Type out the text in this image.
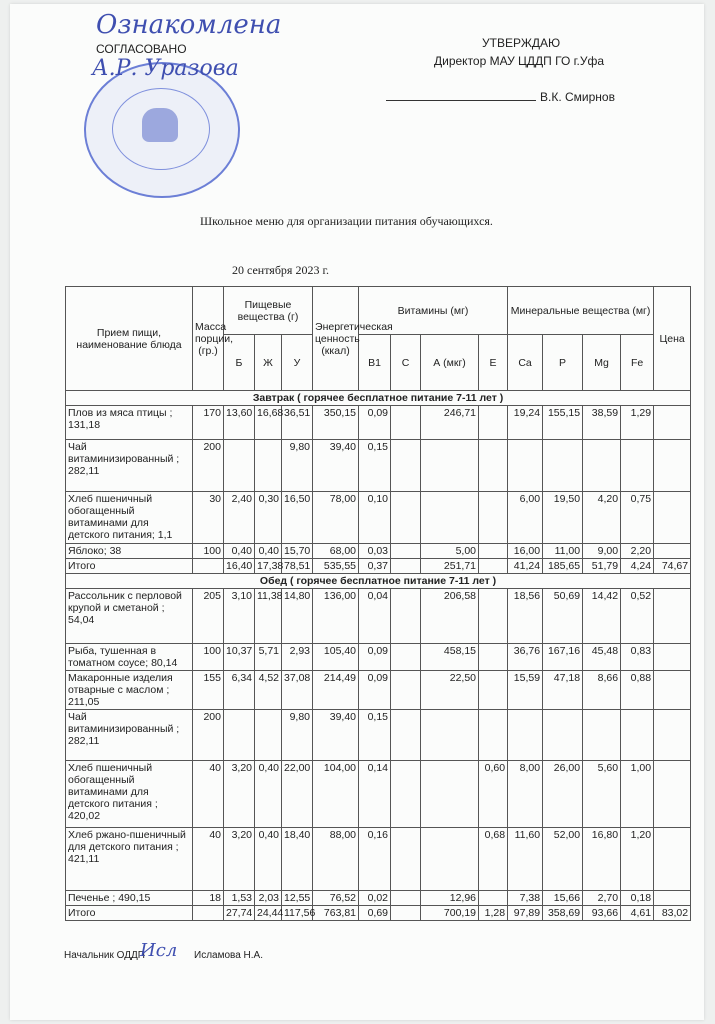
Ознакомлена
СОГЛАСОВАНО
А.Р. Уразова
УТВЕРЖДАЮ
Директор МАУ ЦДДП ГО г.Уфа
В.К. Смирнов
Школьное меню для организации питания обучающихся.
20 сентября 2023 г.
Прием пищи, наименование блюда	Масса порции, (гр.)	Пищевые вещества (г)			Энергетическая ценность (ккал)	Витамины (мг)				Минеральные вещества (мг)				Цена
		Б	Ж	У		B1	C	А (мкг)	E	Ca	P	Mg	Fe	
Завтрак ( горячее бесплатное питание 7-11 лет )														
Плов из мяса птицы ; 131,18	170	13,60	16,68	36,51	350,15	0,09		246,71		19,24	155,15	38,59	1,29	
Чай витаминизированный ; 282,11	200			9,80	39,40	0,15								
Хлеб пшеничный обогащенный витаминами для детского питания; 1,1	30	2,40	0,30	16,50	78,00	0,10				6,00	19,50	4,20	0,75	
Яблоко; 38	100	0,40	0,40	15,70	68,00	0,03		5,00		16,00	11,00	9,00	2,20	
Итого		16,40	17,38	78,51	535,55	0,37		251,71		41,24	185,65	51,79	4,24	74,67
Обед ( горячее бесплатное питание 7-11 лет )														
Рассольник с перловой крупой и сметаной ; 54,04	205	3,10	11,38	14,80	136,00	0,04		206,58		18,56	50,69	14,42	0,52	
Рыба, тушенная в томатном соусе; 80,14	100	10,37	5,71	2,93	105,40	0,09		458,15		36,76	167,16	45,48	0,83	
Макаронные изделия отварные с маслом ; 211,05	155	6,34	4,52	37,08	214,49	0,09		22,50		15,59	47,18	8,66	0,88	
Чай витаминизированный ; 282,11	200			9,80	39,40	0,15								
Хлеб пшеничный обогащенный витаминами для детского питания ; 420,02	40	3,20	0,40	22,00	104,00	0,14			0,60	8,00	26,00	5,60	1,00	
Хлеб ржано-пшеничный для детского питания ; 421,11	40	3,20	0,40	18,40	88,00	0,16			0,68	11,60	52,00	16,80	1,20	
Печенье ; 490,15	18	1,53	2,03	12,55	76,52	0,02		12,96		7,38	15,66	2,70	0,18	
Итого		27,74	24,44	117,56	763,81	0,69		700,19	1,28	97,89	358,69	93,66	4,61	83,02
Начальник ОДДП
Исл Исламова Н.А.
